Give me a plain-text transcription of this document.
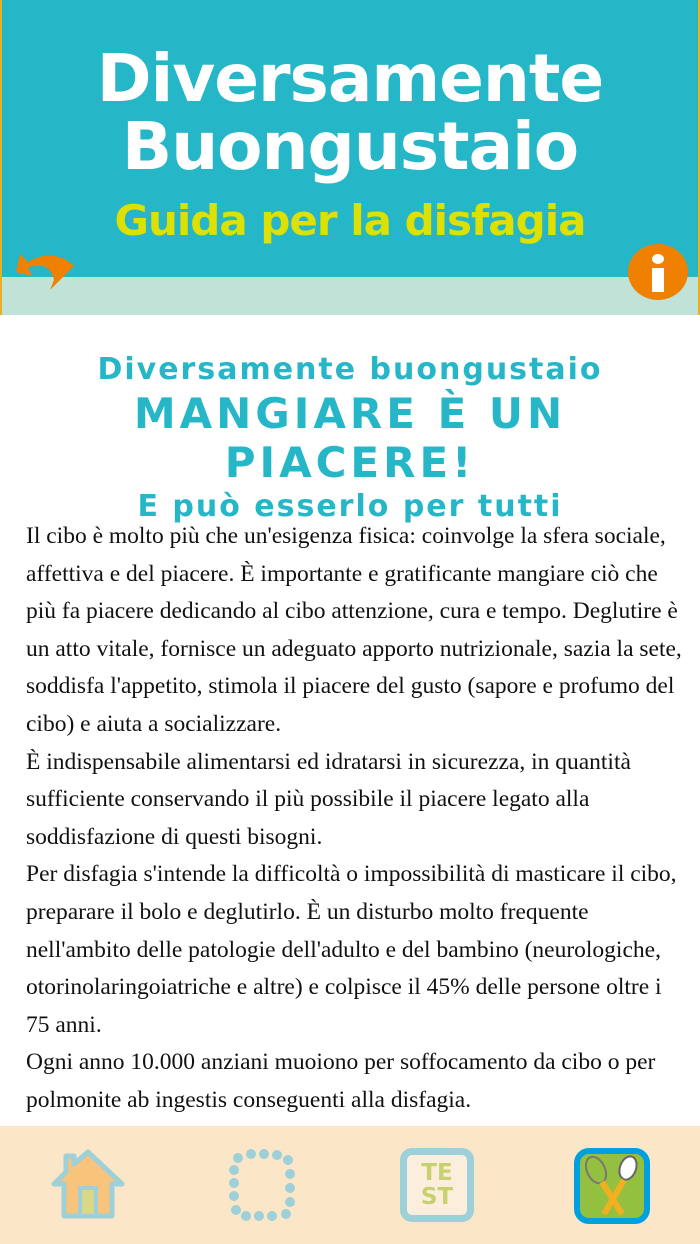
Diversamente
Buongustaio
Guida per la disfagia
Diversamente buongustaio
MANGIARE È UN PIACERE!
E può esserlo per tutti

Il cibo è molto più che un'esigenza fisica: coinvolge la sfera sociale, affettiva e del piacere. È importante e gratificante mangiare ciò che più fa piacere dedicando al cibo attenzione, cura e tempo. Deglutire è un atto vitale, fornisce un adeguato apporto nutrizionale, sazia la sete, soddisfa l'appetito, stimola il piacere del gusto (sapore e profumo del cibo) e aiuta a socializzare.

È indispensabile alimentarsi ed idratarsi in sicurezza, in quantità sufficiente conservando il più possibile il piacere legato alla soddisfazione di questi bisogni.

Per disfagia s'intende la difficoltà o impossibilità di masticare il cibo, preparare il bolo e deglutirlo. È un disturbo molto frequente nell'ambito delle patologie dell'adulto e del bambino (neurologiche, otorinolaringoiatriche e altre) e colpisce il 45% delle persone oltre i 75 anni.

Ogni anno 10.000 anziani muoiono per soffocamento da cibo o per polmonite ab ingestis conseguenti alla disfagia.

TEST
